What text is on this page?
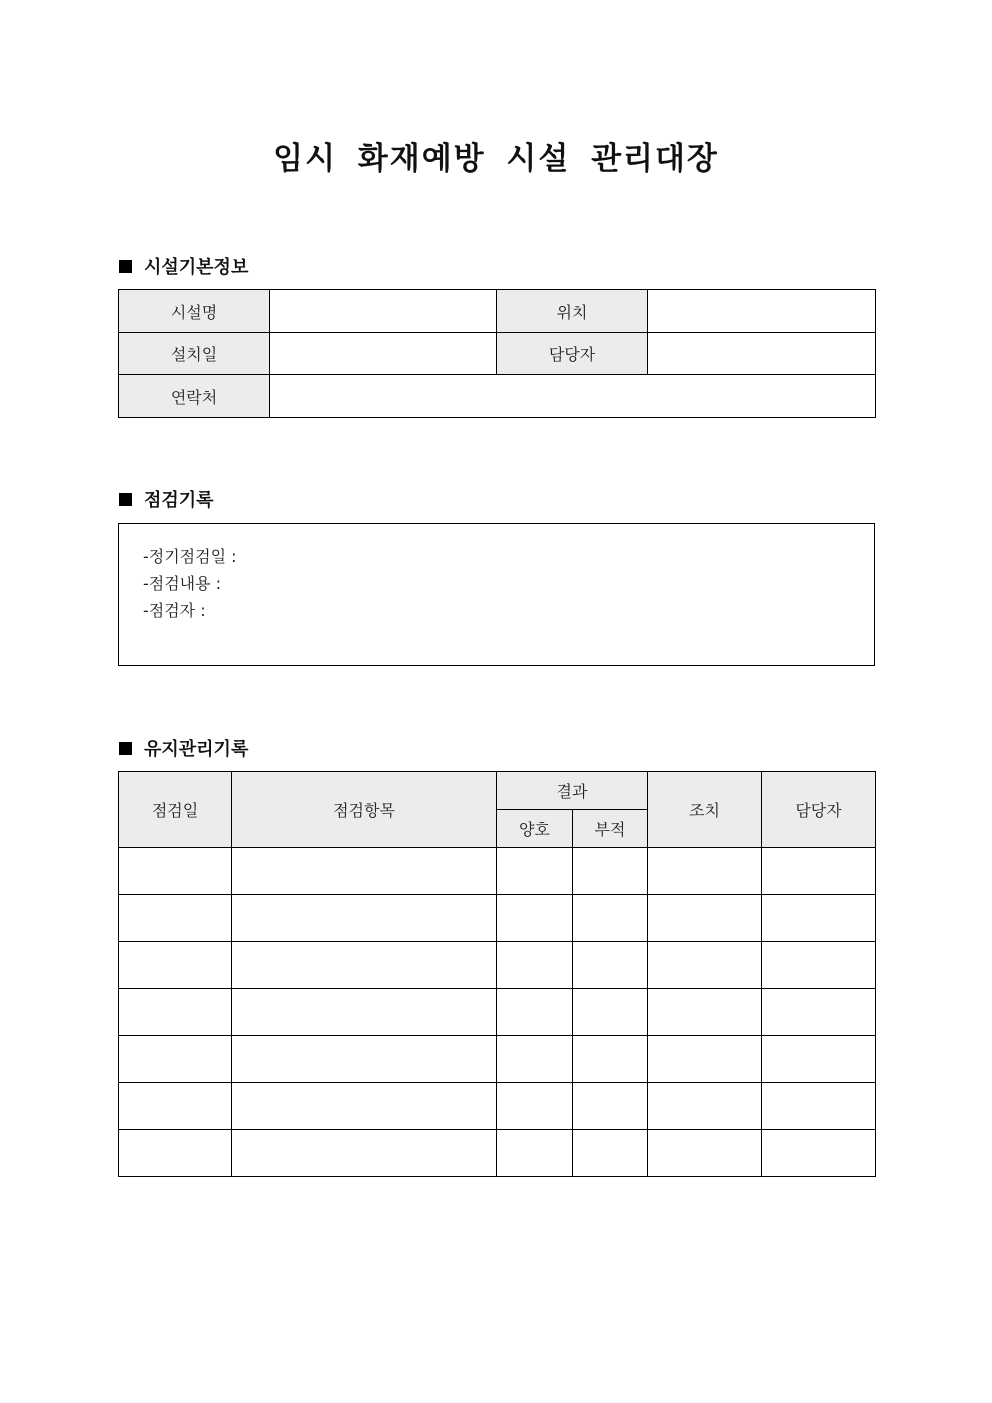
임시 화재예방 시설 관리대장
시설기본정보
시설명		위치	
설치일		담당자	
연락처			
점검기록
-정기점검일 :
-점검내용 :
-점검자 :
유지관리기록
점검일	점검항목	결과		조치	담당자
		양호	부적		
